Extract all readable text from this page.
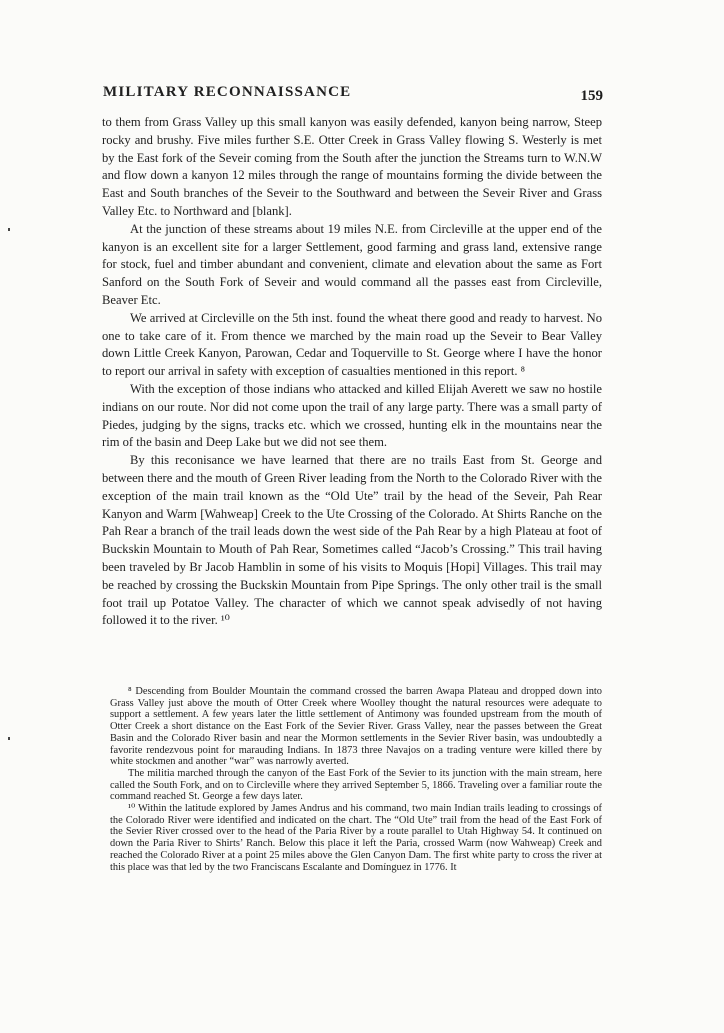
MILITARY RECONNAISSANCE	159

to them from Grass Valley up this small kanyon was easily defended, kanyon being narrow, Steep rocky and brushy. Five miles further S.E. Otter Creek in Grass Valley flowing S. Westerly is met by the East fork of the Seveir coming from the South after the junction the Streams turn to W.N.W and flow down a kanyon 12 miles through the range of mountains forming the divide between the East and South branches of the Seveir to the Southward and between the Seveir River and Grass Valley Etc. to Northward and [blank].

At the junction of these streams about 19 miles N.E. from Circleville at the upper end of the kanyon is an excellent site for a larger Settlement, good farming and grass land, extensive range for stock, fuel and timber abundant and convenient, climate and elevation about the same as Fort Sanford on the South Fork of Seveir and would command all the passes east from Circleville, Beaver Etc.

We arrived at Circleville on the 5th inst. found the wheat there good and ready to harvest. No one to take care of it. From thence we marched by the main road up the Seveir to Bear Valley down Little Creek Kanyon, Parowan, Cedar and Toquerville to St. George where I have the honor to report our arrival in safety with exception of casualties mentioned in this report. ⁸

With the exception of those indians who attacked and killed Elijah Averett we saw no hostile indians on our route. Nor did not come upon the trail of any large party. There was a small party of Piedes, judging by the signs, tracks etc. which we crossed, hunting elk in the mountains near the rim of the basin and Deep Lake but we did not see them.

By this reconisance we have learned that there are no trails East from St. George and between there and the mouth of Green River leading from the North to the Colorado River with the exception of the main trail known as the “Old Ute” trail by the head of the Seveir, Pah Rear Kanyon and Warm [Wahweap] Creek to the Ute Crossing of the Colorado. At Shirts Ranche on the Pah Rear a branch of the trail leads down the west side of the Pah Rear by a high Plateau at foot of Buckskin Mountain to Mouth of Pah Rear, Sometimes called “Jacob’s Crossing.” This trail having been traveled by Br Jacob Hamblin in some of his visits to Moquis [Hopi] Villages. This trail may be reached by crossing the Buckskin Mountain from Pipe Springs. The only other trail is the small foot trail up Potatoe Valley. The character of which we cannot speak advisedly of not having followed it to the river. ¹⁰

⁸ Descending from Boulder Mountain the command crossed the barren Awapa Plateau and dropped down into Grass Valley just above the mouth of Otter Creek where Woolley thought the natural resources were adequate to support a settlement. A few years later the little settlement of Antimony was founded upstream from the mouth of Otter Creek a short distance on the East Fork of the Sevier River. Grass Valley, near the passes between the Great Basin and the Colorado River basin and near the Mormon settlements in the Sevier River basin, was undoubtedly a favorite rendezvous point for marauding Indians. In 1873 three Navajos on a trading venture were killed there by white stockmen and another “war” was narrowly averted.

The militia marched through the canyon of the East Fork of the Sevier to its junction with the main stream, here called the South Fork, and on to Circleville where they arrived September 5, 1866. Traveling over a familiar route the command reached St. George a few days later.

¹⁰ Within the latitude explored by James Andrus and his command, two main Indian trails leading to crossings of the Colorado River were identified and indicated on the chart. The “Old Ute” trail from the head of the East Fork of the Sevier River crossed over to the head of the Paria River by a route parallel to Utah Highway 54. It continued on down the Paria River to Shirts’ Ranch. Below this place it left the Paria, crossed Warm (now Wahweap) Creek and reached the Colorado River at a point 25 miles above the Glen Canyon Dam. The first white party to cross the river at this place was that led by the two Franciscans Escalante and Domínguez in 1776. It
